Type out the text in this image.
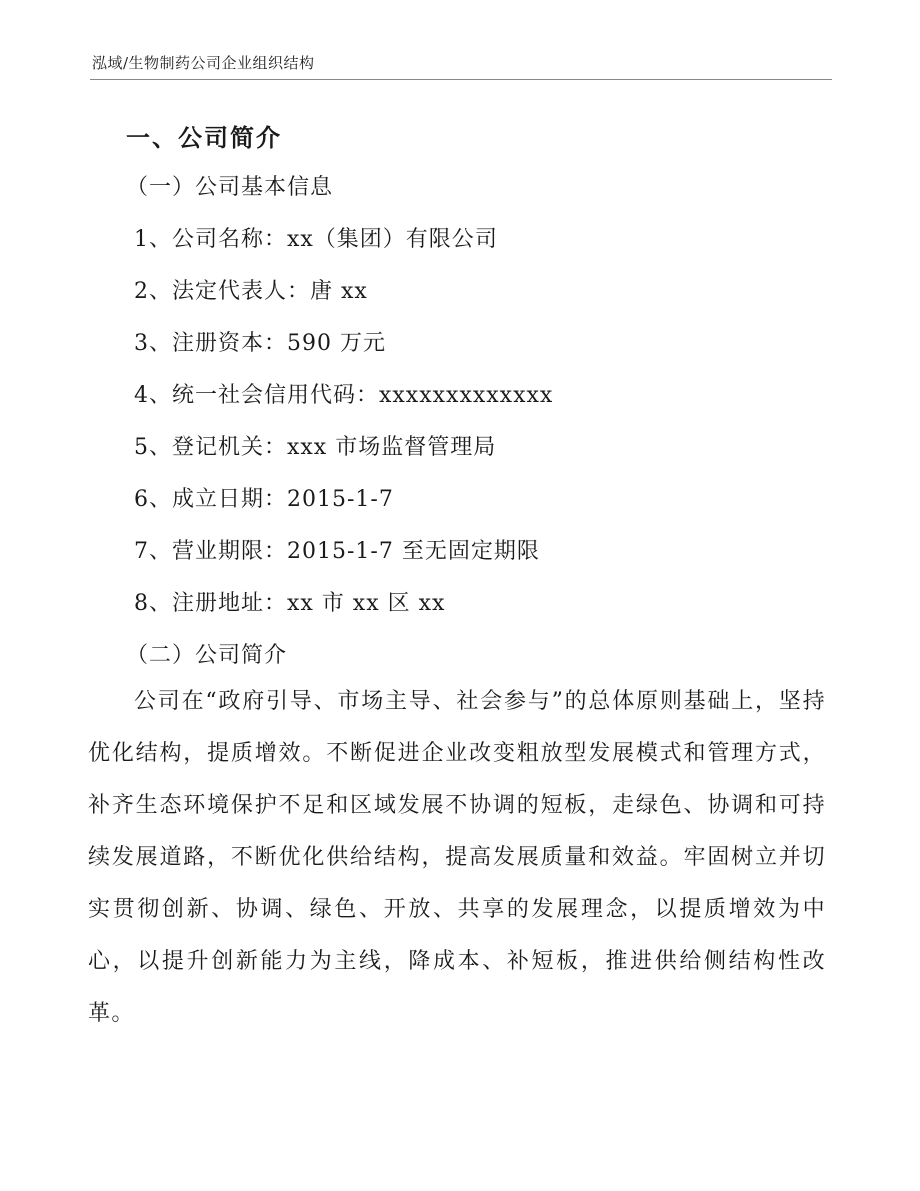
泓域/生物制药公司企业组织结构
一、公司简介
（一）公司基本信息
1、公司名称：xx（集团）有限公司
2、法定代表人：唐 xx
3、注册资本：590 万元
4、统一社会信用代码：xxxxxxxxxxxxx
5、登记机关：xxx 市场监督管理局
6、成立日期：2015-1-7
7、营业期限：2015-1-7 至无固定期限
8、注册地址：xx 市 xx 区 xx
（二）公司简介

公司在“政府引导、市场主导、社会参与”的总体原则基础上，坚持优化结构，提质增效。不断促进企业改变粗放型发展模式和管理方式，补齐生态环境保护不足和区域发展不协调的短板，走绿色、协调和可持续发展道路，不断优化供给结构，提高发展质量和效益。牢固树立并切实贯彻创新、协调、绿色、开放、共享的发展理念，以提质增效为中心，以提升创新能力为主线，降成本、补短板，推进供给侧结构性改革。
